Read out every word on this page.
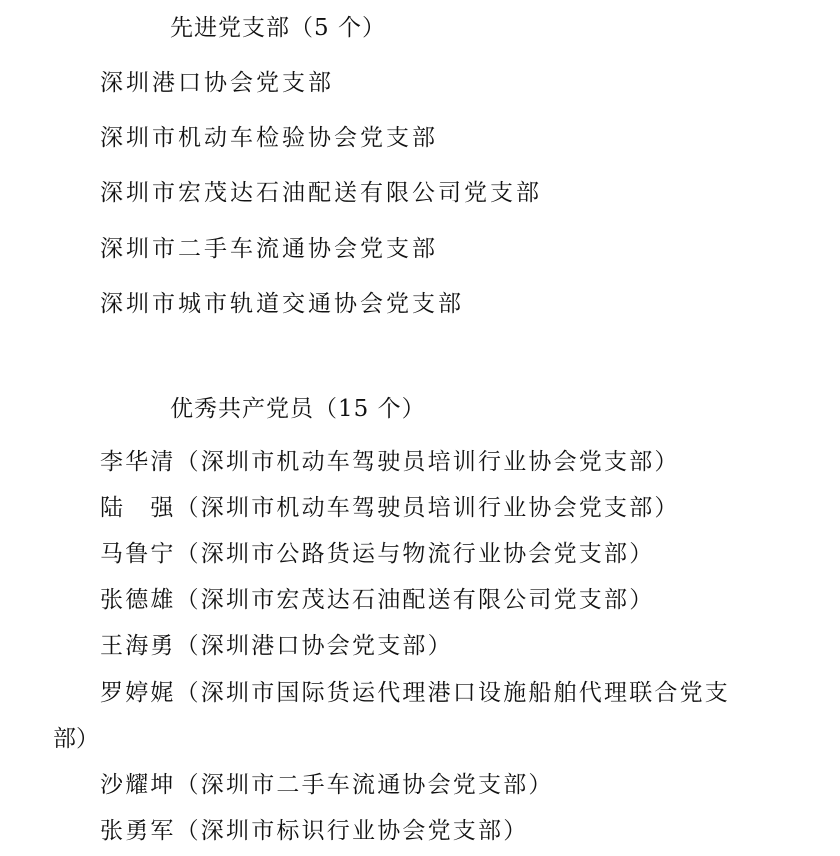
先进党支部（5 个）
深圳港口协会党支部
深圳市机动车检验协会党支部
深圳市宏茂达石油配送有限公司党支部
深圳市二手车流通协会党支部
深圳市城市轨道交通协会党支部
优秀共产党员（15 个）
李华清（深圳市机动车驾驶员培训行业协会党支部）
陆　强（深圳市机动车驾驶员培训行业协会党支部）
马鲁宁（深圳市公路货运与物流行业协会党支部）
张德雄（深圳市宏茂达石油配送有限公司党支部）
王海勇（深圳港口协会党支部）
罗婷娓（深圳市国际货运代理港口设施船舶代理联合党支
部）
沙耀坤（深圳市二手车流通协会党支部）
张勇军（深圳市标识行业协会党支部）
